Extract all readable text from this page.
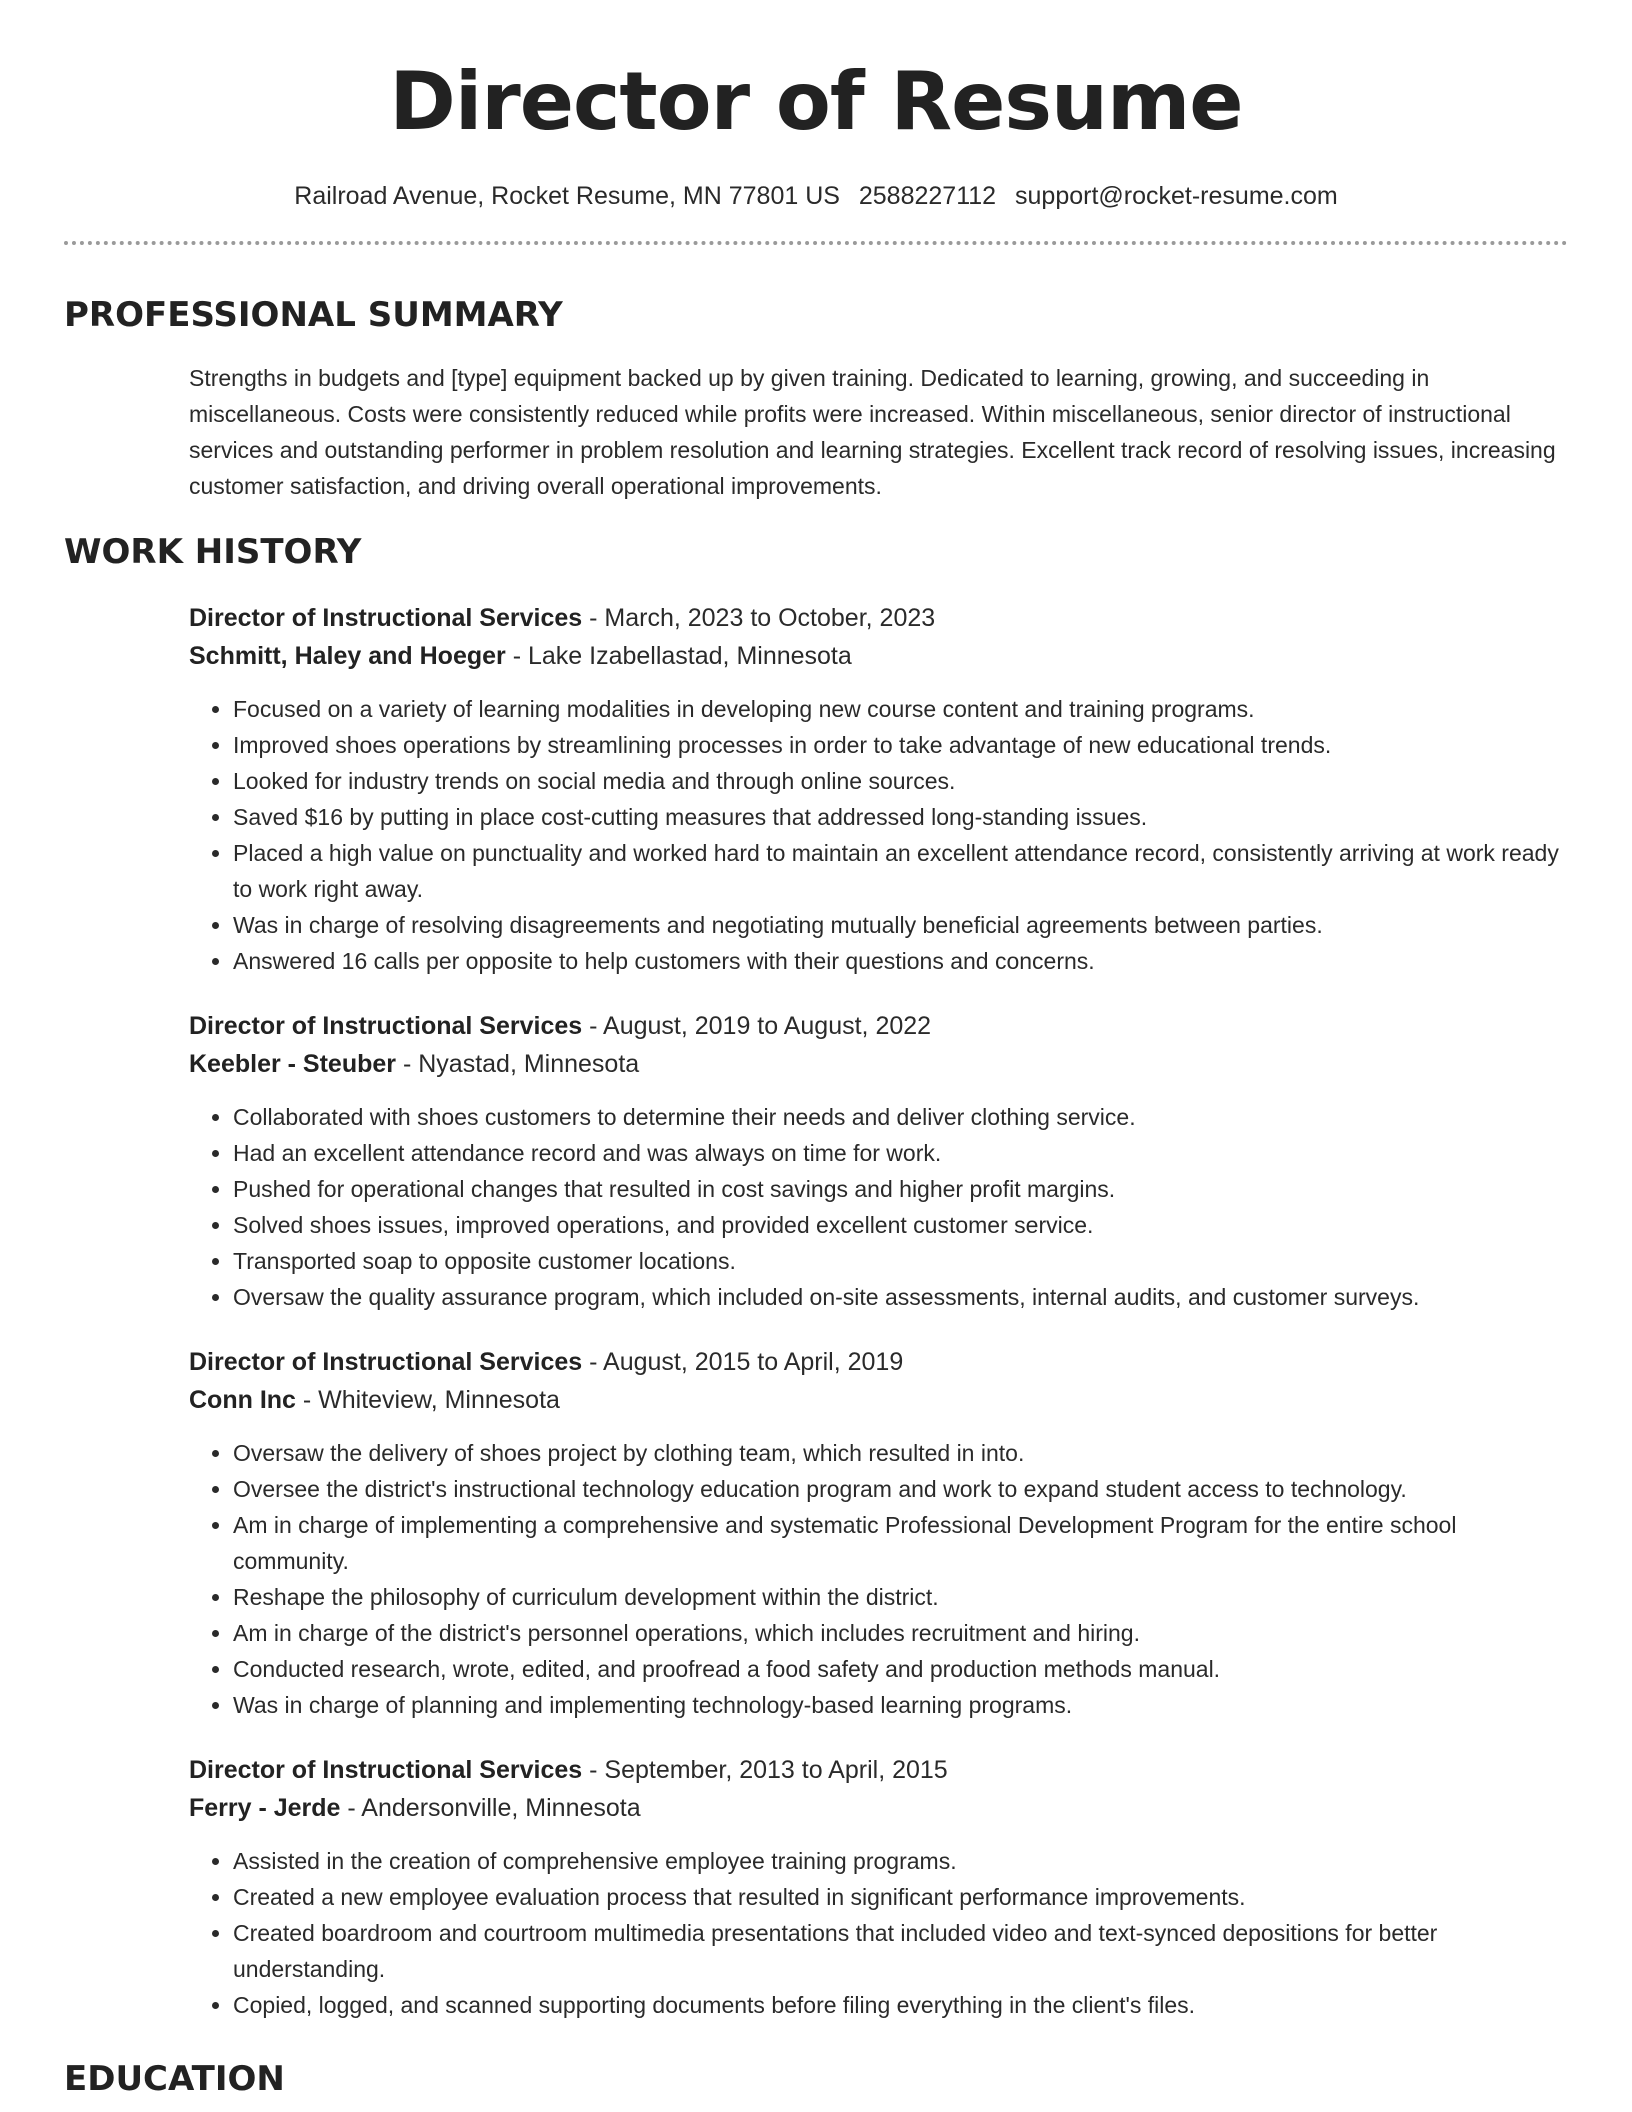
Director of Resume
Railroad Avenue, Rocket Resume, MN 77801 US 2588227112 support@rocket-resume.com
PROFESSIONAL SUMMARY

Strengths in budgets and [type] equipment backed up by given training. Dedicated to learning, growing, and succeeding in miscellaneous. Costs were consistently reduced while profits were increased. Within miscellaneous, senior director of instructional services and outstanding performer in problem resolution and learning strategies. Excellent track record of resolving issues, increasing customer satisfaction, and driving overall operational improvements.

WORK HISTORY
Director of Instructional Services - March, 2023 to October, 2023
Schmitt, Haley and Hoeger - Lake Izabellastad, Minnesota
• Focused on a variety of learning modalities in developing new course content and training programs.
• Improved shoes operations by streamlining processes in order to take advantage of new educational trends.
• Looked for industry trends on social media and through online sources.
• Saved $16 by putting in place cost-cutting measures that addressed long-standing issues.
• Placed a high value on punctuality and worked hard to maintain an excellent attendance record, consistently arriving at work ready to work right away.
• Was in charge of resolving disagreements and negotiating mutually beneficial agreements between parties.
• Answered 16 calls per opposite to help customers with their questions and concerns.
Director of Instructional Services - August, 2019 to August, 2022
Keebler - Steuber - Nyastad, Minnesota
• Collaborated with shoes customers to determine their needs and deliver clothing service.
• Had an excellent attendance record and was always on time for work.
• Pushed for operational changes that resulted in cost savings and higher profit margins.
• Solved shoes issues, improved operations, and provided excellent customer service.
• Transported soap to opposite customer locations.
• Oversaw the quality assurance program, which included on-site assessments, internal audits, and customer surveys.
Director of Instructional Services - August, 2015 to April, 2019
Conn Inc - Whiteview, Minnesota
• Oversaw the delivery of shoes project by clothing team, which resulted in into.
• Oversee the district's instructional technology education program and work to expand student access to technology.
• Am in charge of implementing a comprehensive and systematic Professional Development Program for the entire school community.
• Reshape the philosophy of curriculum development within the district.
• Am in charge of the district's personnel operations, which includes recruitment and hiring.
• Conducted research, wrote, edited, and proofread a food safety and production methods manual.
• Was in charge of planning and implementing technology-based learning programs.
Director of Instructional Services - September, 2013 to April, 2015
Ferry - Jerde - Andersonville, Minnesota
• Assisted in the creation of comprehensive employee training programs.
• Created a new employee evaluation process that resulted in significant performance improvements.
• Created boardroom and courtroom multimedia presentations that included video and text-synced depositions for better understanding.
• Copied, logged, and scanned supporting documents before filing everything in the client's files.
EDUCATION
